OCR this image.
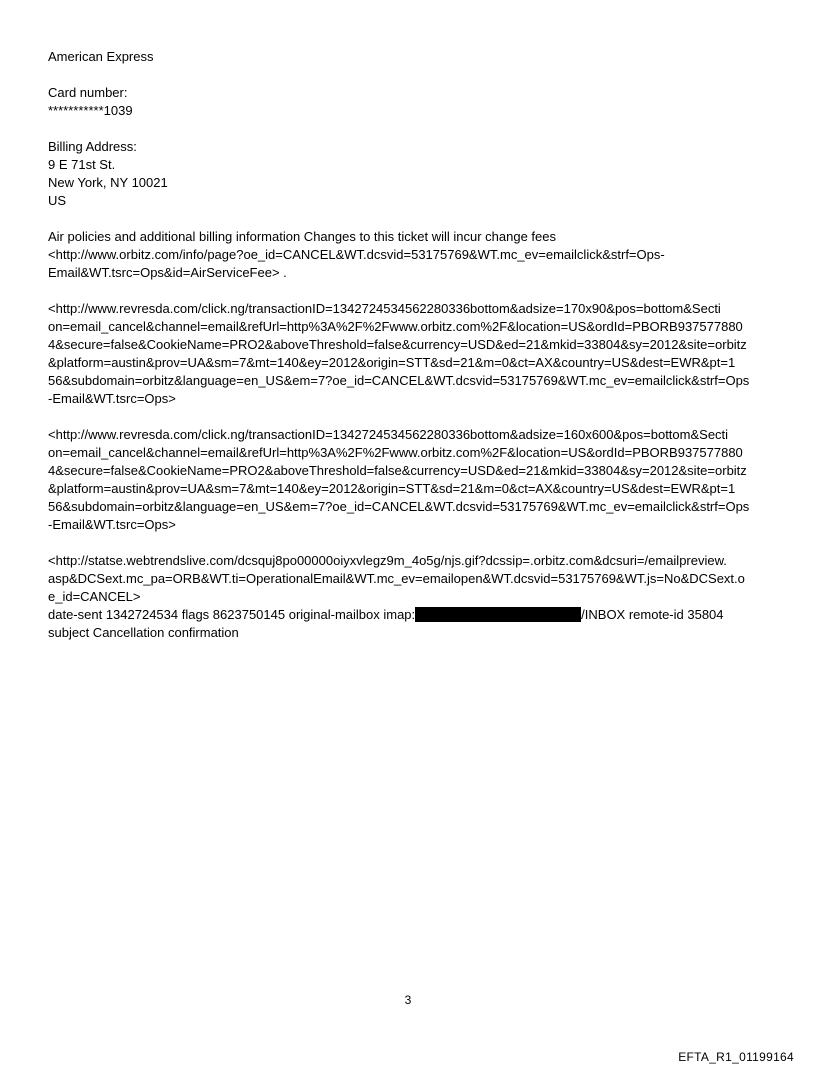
American Express
Card number:
***********1039
Billing Address:
9 E 71st St.
New York, NY 10021
US
Air policies and additional billing information Changes to this ticket will incur change fees
<http://www.orbitz.com/info/page?oe_id=CANCEL&WT.dcsvid=53175769&WT.mc_ev=emailclick&strf=Ops-
Email&WT.tsrc=Ops&id=AirServiceFee> .
<http://www.revresda.com/click.ng/transactionID=1342724534562280336bottom&adsize=170x90&pos=bottom&Secti
on=email_cancel&channel=email&refUrl=http%3A%2F%2Fwww.orbitz.com%2F&location=US&ordId=PBORB937577880
4&secure=false&CookieName=PRO2&aboveThreshold=false&currency=USD&ed=21&mkid=33804&sy=2012&site=orbitz
&platform=austin&prov=UA&sm=7&mt=140&ey=2012&origin=STT&sd=21&m=0&ct=AX&country=US&dest=EWR&pt=1
56&subdomain=orbitz&language=en_US&em=7?oe_id=CANCEL&WT.dcsvid=53175769&WT.mc_ev=emailclick&strf=Ops
-Email&WT.tsrc=Ops>
<http://www.revresda.com/click.ng/transactionID=1342724534562280336bottom&adsize=160x600&pos=bottom&Secti
on=email_cancel&channel=email&refUrl=http%3A%2F%2Fwww.orbitz.com%2F&location=US&ordId=PBORB937577880
4&secure=false&CookieName=PRO2&aboveThreshold=false&currency=USD&ed=21&mkid=33804&sy=2012&site=orbitz
&platform=austin&prov=UA&sm=7&mt=140&ey=2012&origin=STT&sd=21&m=0&ct=AX&country=US&dest=EWR&pt=1
56&subdomain=orbitz&language=en_US&em=7?oe_id=CANCEL&WT.dcsvid=53175769&WT.mc_ev=emailclick&strf=Ops
-Email&WT.tsrc=Ops>
<http://statse.webtrendslive.com/dcsquj8po00000oiyxvlegz9m_4o5g/njs.gif?dcssip=.orbitz.com&dcsuri=/emailpreview.
asp&DCSext.mc_pa=ORB&WT.ti=OperationalEmail&WT.mc_ev=emailopen&WT.dcsvid=53175769&WT.js=No&DCSext.o
e_id=CANCEL>
date-sent 1342724534 flags 8623750145 original-mailbox imap:	/INBOX remote-id 35804
subject Cancellation confirmation
3
EFTA_R1_01199164
